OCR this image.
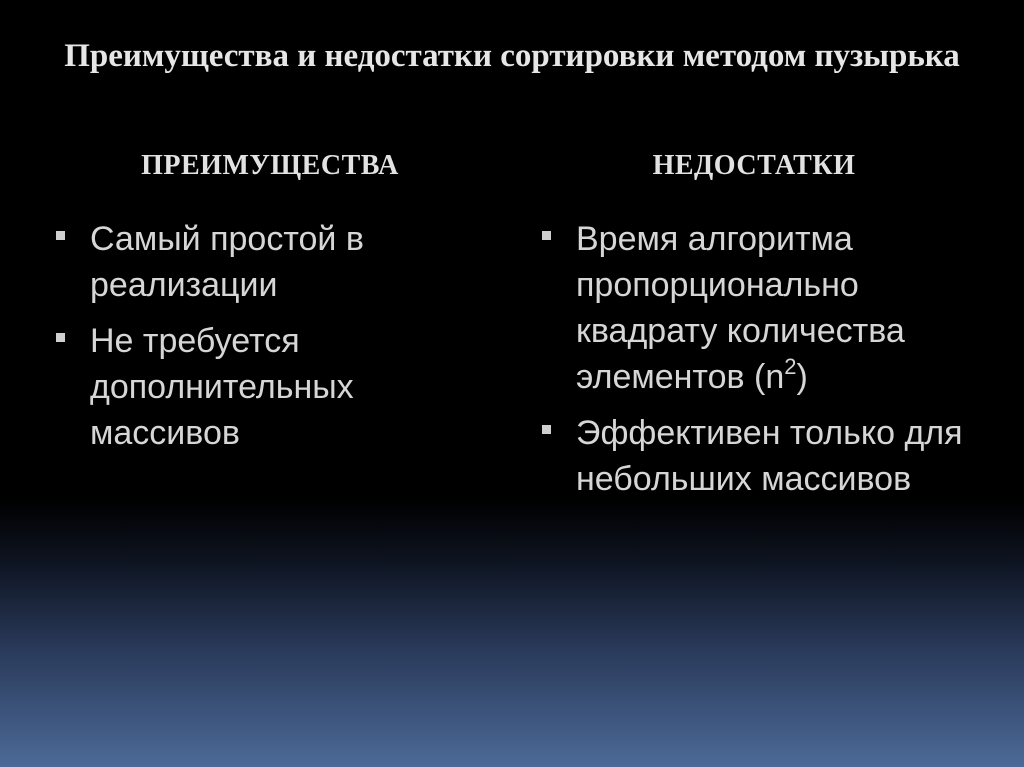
Преимущества и недостатки сортировки методом пузырька
ПРЕИМУЩЕСТВА	НЕДОСТАТКИ
Самый простой в реализации
Не требуется дополнительных массивов
Время алгоритма пропорционально квадрату количества элементов $(n^2)$
Эффективен только для небольших массивов
